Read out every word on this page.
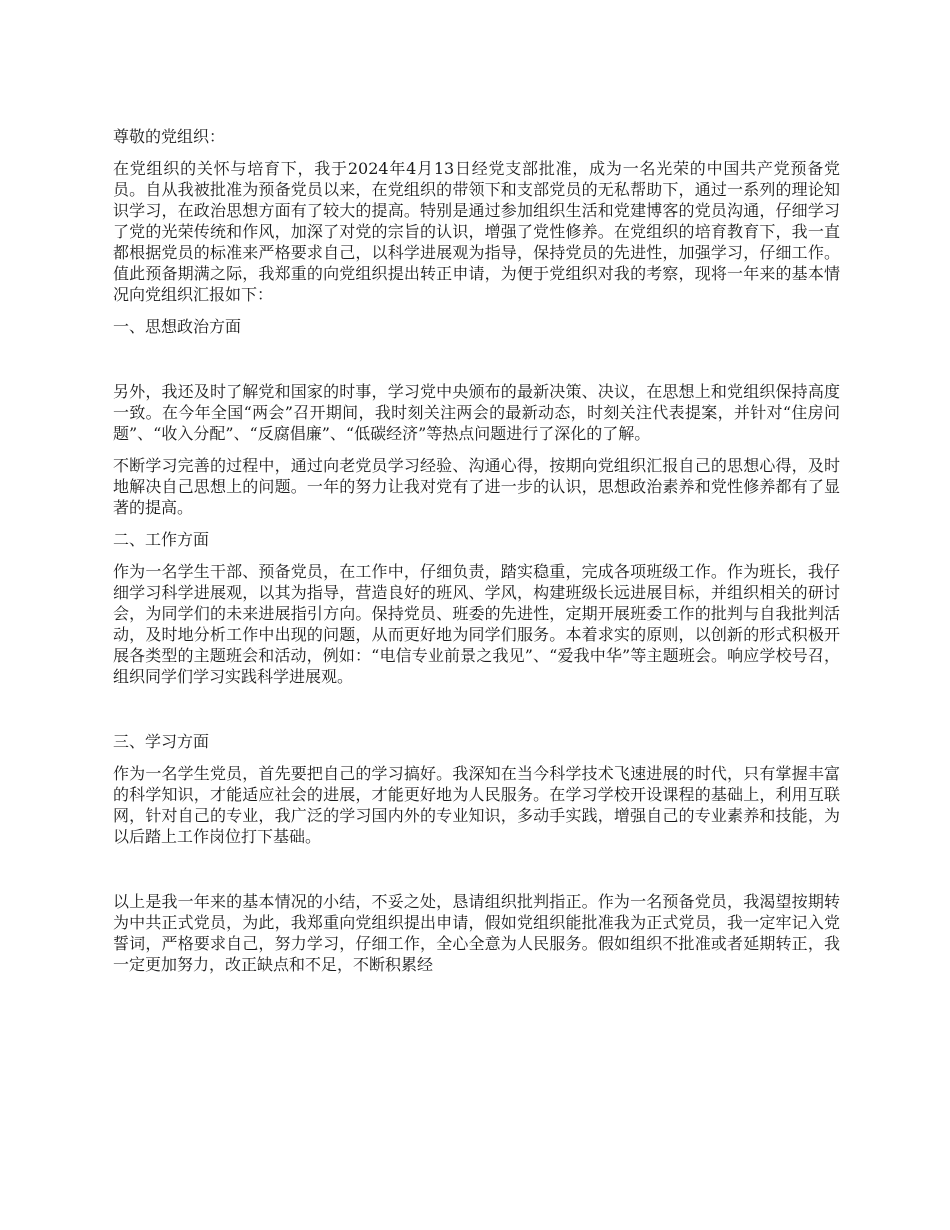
尊敬的党组织：

在党组织的关怀与培育下，我于2024年4月13日经党支部批准，成为一名光荣的中国共产党预备党员。自从我被批准为预备党员以来，在党组织的带领下和支部党员的无私帮助下，通过一系列的理论知识学习，在政治思想方面有了较大的提高。特别是通过参加组织生活和党建博客的党员沟通，仔细学习了党的光荣传统和作风，加深了对党的宗旨的认识，增强了党性修养。在党组织的培育教育下，我一直都根据党员的标准来严格要求自己，以科学进展观为指导，保持党员的先进性，加强学习，仔细工作。值此预备期满之际，我郑重的向党组织提出转正申请，为便于党组织对我的考察，现将一年来的基本情况向党组织汇报如下：

一、思想政治方面

另外，我还及时了解党和国家的时事，学习党中央颁布的最新决策、决议，在思想上和党组织保持高度一致。在今年全国“两会”召开期间，我时刻关注两会的最新动态，时刻关注代表提案，并针对“住房问题”、“收入分配”、“反腐倡廉”、“低碳经济”等热点问题进行了深化的了解。

不断学习完善的过程中，通过向老党员学习经验、沟通心得，按期向党组织汇报自己的思想心得，及时地解决自己思想上的问题。一年的努力让我对党有了进一步的认识，思想政治素养和党性修养都有了显著的提高。

二、工作方面

作为一名学生干部、预备党员，在工作中，仔细负责，踏实稳重，完成各项班级工作。作为班长，我仔细学习科学进展观，以其为指导，营造良好的班风、学风，构建班级长远进展目标，并组织相关的研讨会，为同学们的未来进展指引方向。保持党员、班委的先进性，定期开展班委工作的批判与自我批判活动，及时地分析工作中出现的问题，从而更好地为同学们服务。本着求实的原则，以创新的形式积极开展各类型的主题班会和活动，例如：“电信专业前景之我见”、“爱我中华”等主题班会。响应学校号召，组织同学们学习实践科学进展观。

三、学习方面

作为一名学生党员，首先要把自己的学习搞好。我深知在当今科学技术飞速进展的时代，只有掌握丰富的科学知识，才能适应社会的进展，才能更好地为人民服务。在学习学校开设课程的基础上，利用互联网，针对自己的专业，我广泛的学习国内外的专业知识，多动手实践，增强自己的专业素养和技能，为以后踏上工作岗位打下基础。

以上是我一年来的基本情况的小结，不妥之处，恳请组织批判指正。作为一名预备党员，我渴望按期转为中共正式党员，为此，我郑重向党组织提出申请，假如党组织能批准我为正式党员，我一定牢记入党誓词，严格要求自己，努力学习，仔细工作，全心全意为人民服务。假如组织不批准或者延期转正，我一定更加努力，改正缺点和不足，不断积累经
